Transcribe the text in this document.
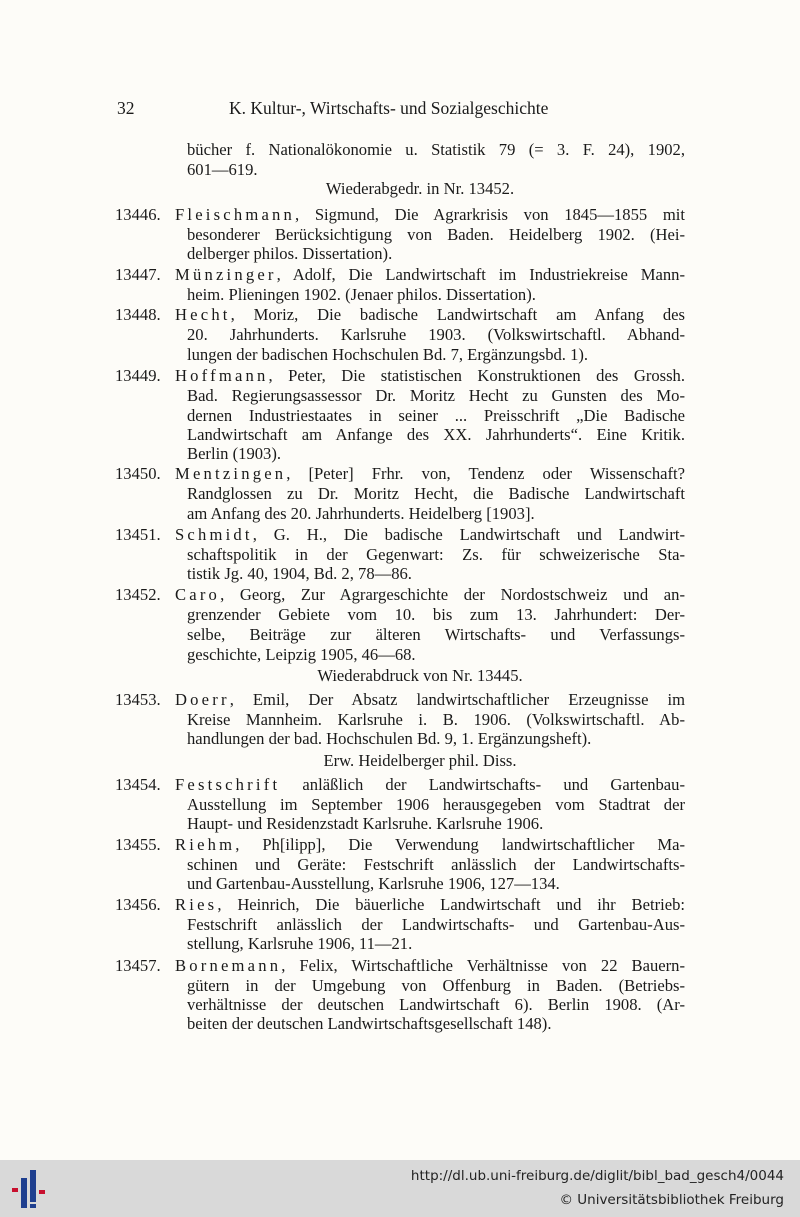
32	K. Kultur-, Wirtschafts- und Sozialgeschichte
bücher f. Nationalökonomie u. Statistik 79 (= 3. F. 24), 1902,
601—619.
Wiederabgedr. in Nr. 13452.
13446. Fleischmann, Sigmund, Die Agrarkrisis von 1845—1855 mit
besonderer Berücksichtigung von Baden. Heidelberg 1902. (Hei-
delberger philos. Dissertation).
13447. Münzinger, Adolf, Die Landwirtschaft im Industriekreise Mann-
heim. Plieningen 1902. (Jenaer philos. Dissertation).
13448. Hecht, Moriz, Die badische Landwirtschaft am Anfang des
20. Jahrhunderts. Karlsruhe 1903. (Volkswirtschaftl. Abhand-
lungen der badischen Hochschulen Bd. 7, Ergänzungsbd. 1).
13449. Hoffmann, Peter, Die statistischen Konstruktionen des Grossh.
Bad. Regierungsassessor Dr. Moritz Hecht zu Gunsten des Mo-
dernen Industriestaates in seiner ... Preisschrift „Die Badische
Landwirtschaft am Anfange des XX. Jahrhunderts“. Eine Kritik.
Berlin (1903).
13450. Mentzingen, [Peter] Frhr. von, Tendenz oder Wissenschaft?
Randglossen zu Dr. Moritz Hecht, die Badische Landwirtschaft
am Anfang des 20. Jahrhunderts. Heidelberg [1903].
13451. Schmidt, G. H., Die badische Landwirtschaft und Landwirt-
schaftspolitik in der Gegenwart: Zs. für schweizerische Sta-
tistik Jg. 40, 1904, Bd. 2, 78—86.
13452. Caro, Georg, Zur Agrargeschichte der Nordostschweiz und an-
grenzender Gebiete vom 10. bis zum 13. Jahrhundert: Der-
selbe, Beiträge zur älteren Wirtschafts- und Verfassungs-
geschichte, Leipzig 1905, 46—68.
Wiederabdruck von Nr. 13445.
13453. Doerr, Emil, Der Absatz landwirtschaftlicher Erzeugnisse im
Kreise Mannheim. Karlsruhe i. B. 1906. (Volkswirtschaftl. Ab-
handlungen der bad. Hochschulen Bd. 9, 1. Ergänzungsheft).
Erw. Heidelberger phil. Diss.
13454. Festschrift anläßlich der Landwirtschafts- und Gartenbau-
Ausstellung im September 1906 herausgegeben vom Stadtrat der
Haupt- und Residenzstadt Karlsruhe. Karlsruhe 1906.
13455. Riehm, Ph[ilipp], Die Verwendung landwirtschaftlicher Ma-
schinen und Geräte: Festschrift anlässlich der Landwirtschafts-
und Gartenbau-Ausstellung, Karlsruhe 1906, 127—134.
13456. Ries, Heinrich, Die bäuerliche Landwirtschaft und ihr Betrieb:
Festschrift anlässlich der Landwirtschafts- und Gartenbau-Aus-
stellung, Karlsruhe 1906, 11—21.
13457. Bornemann, Felix, Wirtschaftliche Verhältnisse von 22 Bauern-
gütern in der Umgebung von Offenburg in Baden. (Betriebs-
verhältnisse der deutschen Landwirtschaft 6). Berlin 1908. (Ar-
beiten der deutschen Landwirtschaftsgesellschaft 148).
http://dl.ub.uni-freiburg.de/diglit/bibl_bad_gesch4/0044
© Universitätsbibliothek Freiburg
